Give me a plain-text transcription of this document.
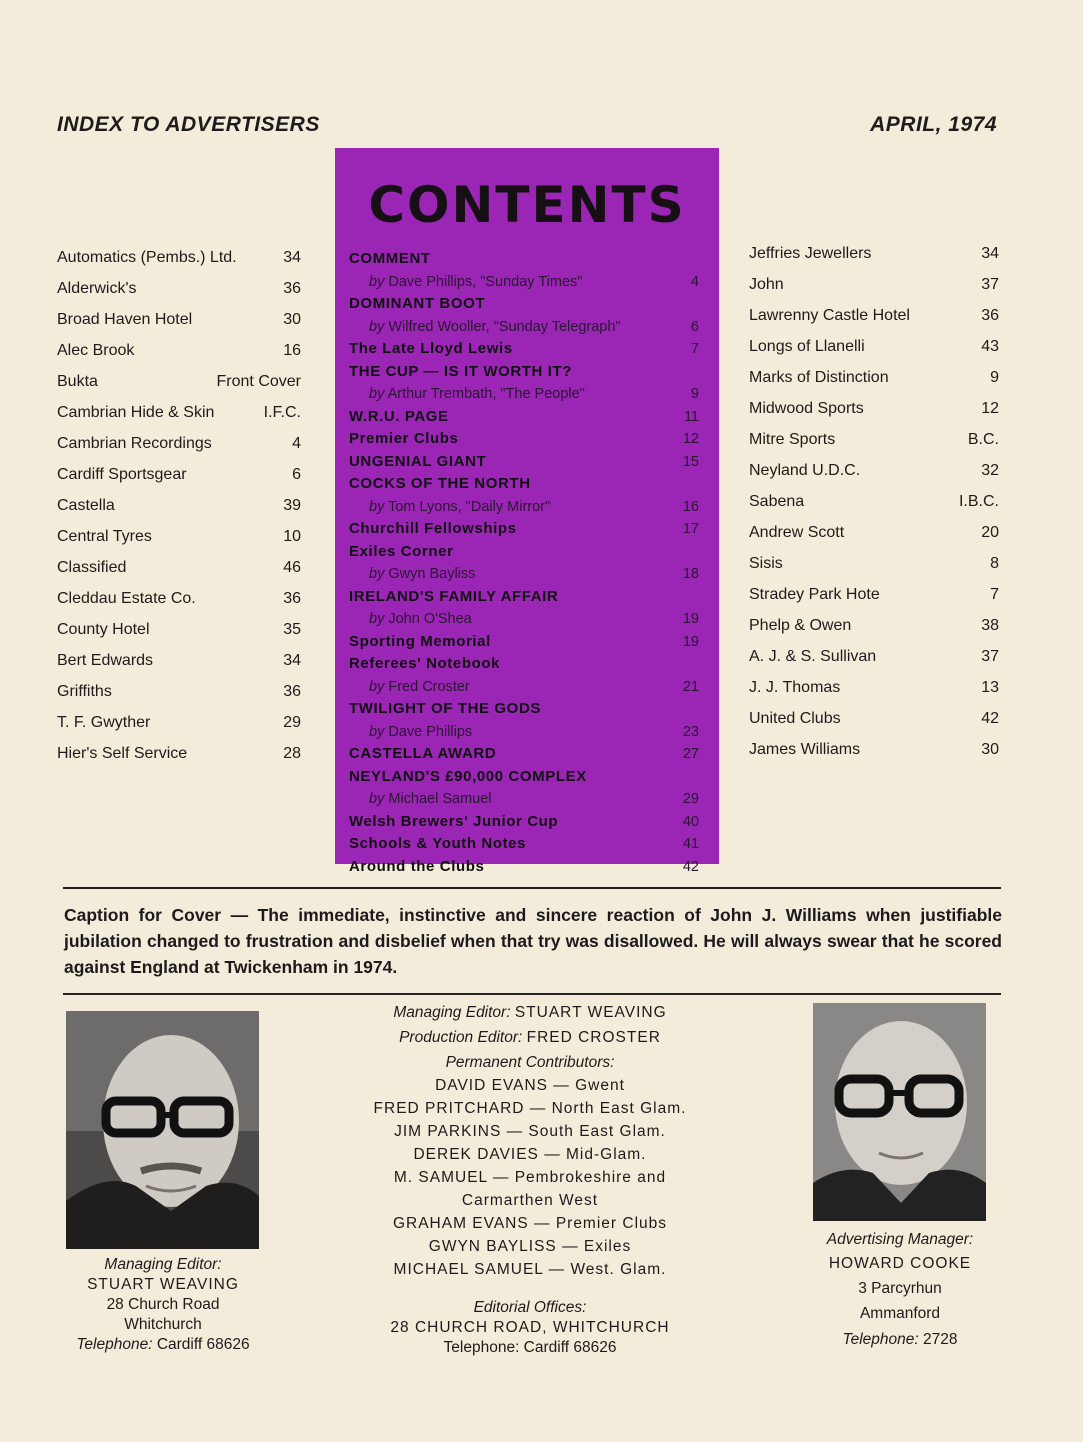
INDEX TO ADVERTISERS	APRIL, 1974
Automatics (Pembs.) Ltd.	34
Alderwick's	36
Broad Haven Hotel	30
Alec Brook	16
Bukta	Front Cover
Cambrian Hide & Skin	I.F.C.
Cambrian Recordings	4
Cardiff Sportsgear	6
Castella	39
Central Tyres	10
Classified	46
Cleddau Estate Co.	36
County Hotel	35
Bert Edwards	34
Griffiths	36
T. F. Gwyther	29
Hier's Self Service	28
Jeffries Jewellers	34
John	37
Lawrenny Castle Hotel	36
Longs of Llanelli	43
Marks of Distinction	9
Midwood Sports	12
Mitre Sports	B.C.
Neyland U.D.C.	32
Sabena	I.B.C.
Andrew Scott	20
Sisis	8
Stradey Park Hote	7
Phelp & Owen	38
A. J. & S. Sullivan	37
J. J. Thomas	13
United Clubs	42
James Williams	30
CONTENTS
COMMENT
by Dave Phillips, "Sunday Times"	4
DOMINANT BOOT
by Wilfred Wooller, "Sunday Telegraph"	6
The Late Lloyd Lewis	7
THE CUP — IS IT WORTH IT?
by Arthur Trembath, "The People"	9
W.R.U. PAGE	11
Premier Clubs	12
UNGENIAL GIANT	15
COCKS OF THE NORTH
by Tom Lyons, "Daily Mirror"	16
Churchill Fellowships	17
Exiles Corner
by Gwyn Bayliss	18
IRELAND'S FAMILY AFFAIR
by John O'Shea	19
Sporting Memorial	19
Referees' Notebook
by Fred Croster	21
TWILIGHT OF THE GODS
by Dave Phillips	23
CASTELLA AWARD	27
NEYLAND'S £90,000 COMPLEX
by Michael Samuel	29
Welsh Brewers' Junior Cup	40
Schools & Youth Notes	41
Around the Clubs	42
Caption for Cover — The immediate, instinctive and sincere reaction of John J. Williams when justifiable jubilation changed to frustration and disbelief when that try was disallowed. He will always swear that he scored against England at Twickenham in 1974.
Managing Editor:
STUART WEAVING
28 Church Road
Whitchurch
Telephone: Cardiff 68626
Managing Editor: STUART WEAVING
Production Editor: FRED CROSTER
Permanent Contributors:
DAVID EVANS — Gwent
FRED PRITCHARD — North East Glam.
JIM PARKINS — South East Glam.
DEREK DAVIES — Mid-Glam.
M. SAMUEL — Pembrokeshire and
Carmarthen West
GRAHAM EVANS — Premier Clubs
GWYN BAYLISS — Exiles
MICHAEL SAMUEL — West. Glam.
Editorial Offices:
28 CHURCH ROAD, WHITCHURCH
Telephone: Cardiff 68626
Advertising Manager:
HOWARD COOKE
3 Parcyrhun
Ammanford
Telephone: 2728
